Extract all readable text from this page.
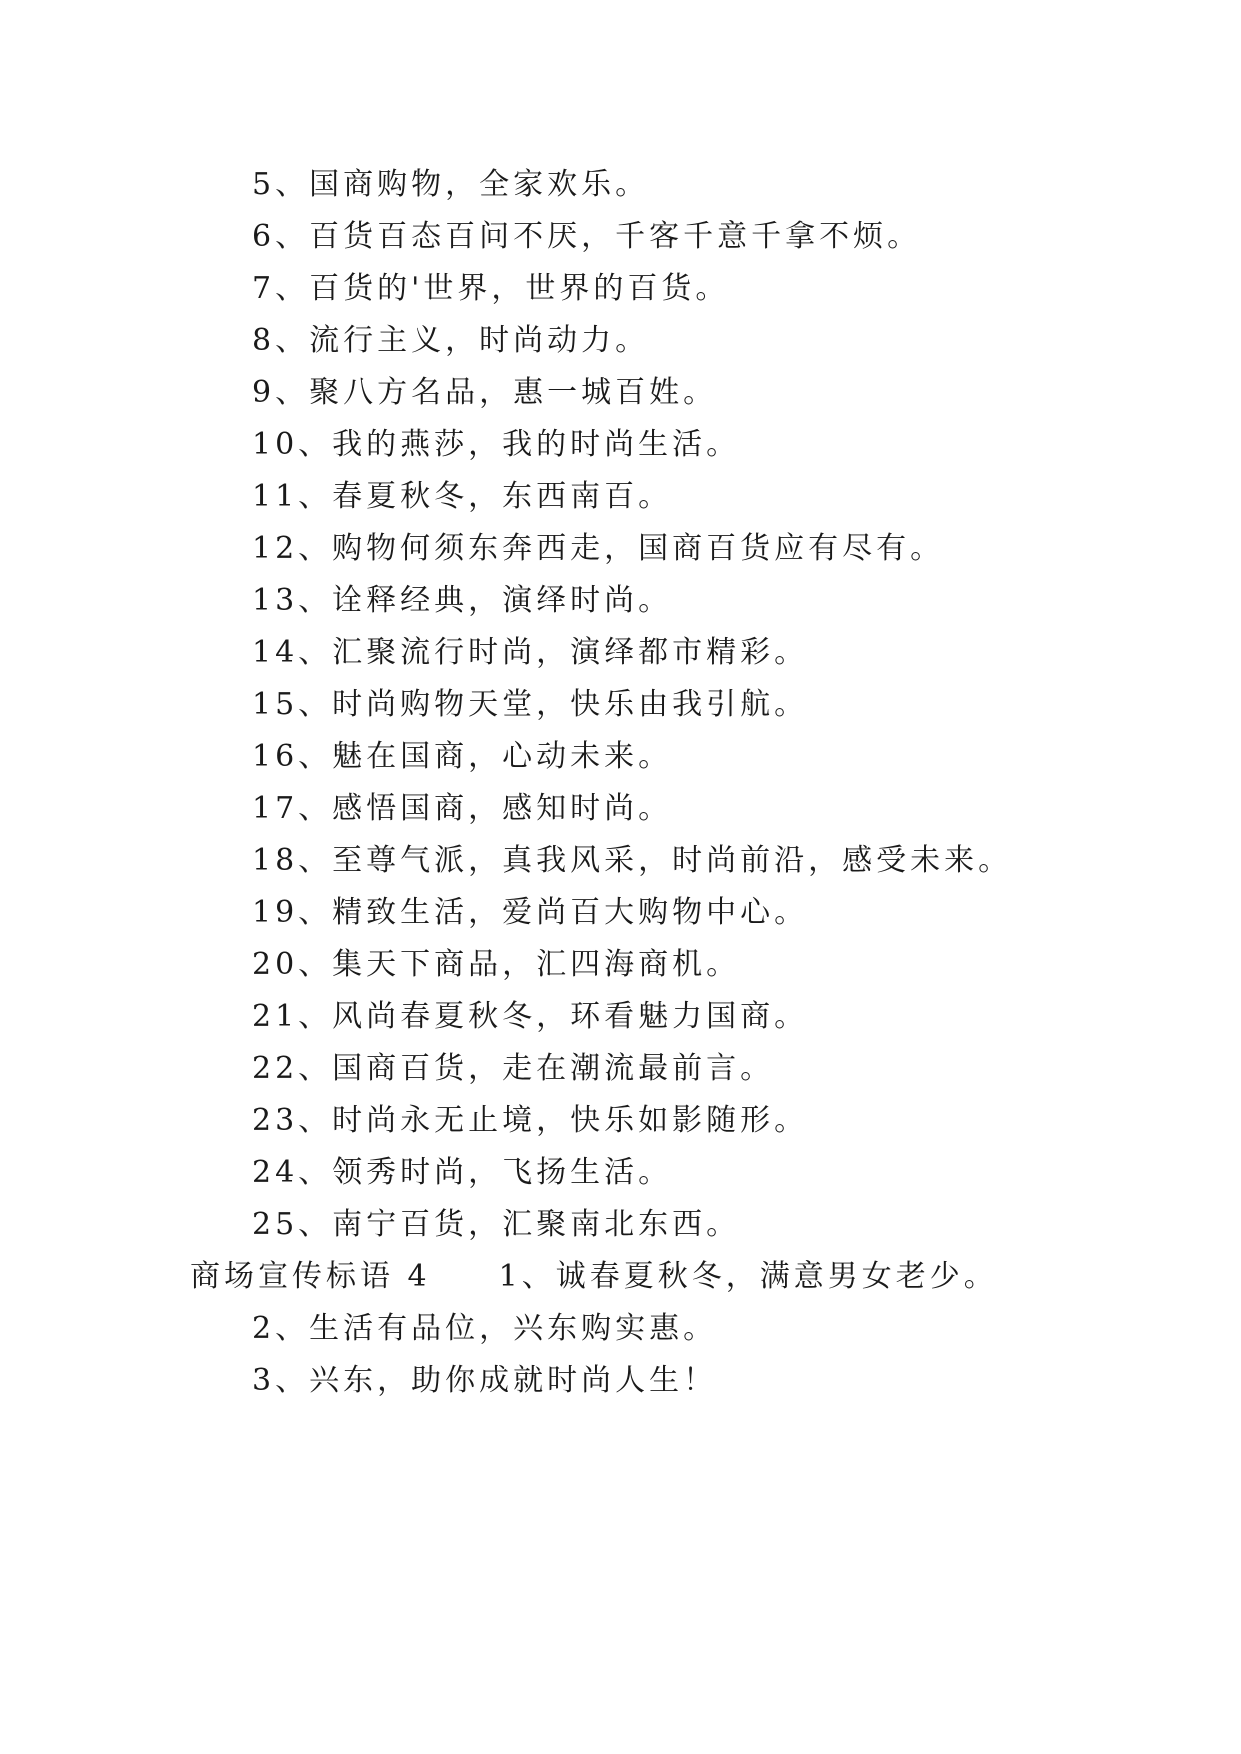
5、国商购物，全家欢乐。
6、百货百态百问不厌，千客千意千拿不烦。
7、百货的'世界，世界的百货。
8、流行主义，时尚动力。
9、聚八方名品，惠一城百姓。
10、我的燕莎，我的时尚生活。
11、春夏秋冬，东西南百。
12、购物何须东奔西走，国商百货应有尽有。
13、诠释经典，演绎时尚。
14、汇聚流行时尚，演绎都市精彩。
15、时尚购物天堂，快乐由我引航。
16、魅在国商，心动未来。
17、感悟国商，感知时尚。
18、至尊气派，真我风采，时尚前沿，感受未来。
19、精致生活，爱尚百大购物中心。
20、集天下商品，汇四海商机。
21、风尚春夏秋冬，环看魅力国商。
22、国商百货，走在潮流最前言。
23、时尚永无止境，快乐如影随形。
24、领秀时尚，飞扬生活。
25、南宁百货，汇聚南北东西。
商场宣传标语 4　　1、诚春夏秋冬，满意男女老少。
2、生活有品位，兴东购实惠。
3、兴东，助你成就时尚人生！
